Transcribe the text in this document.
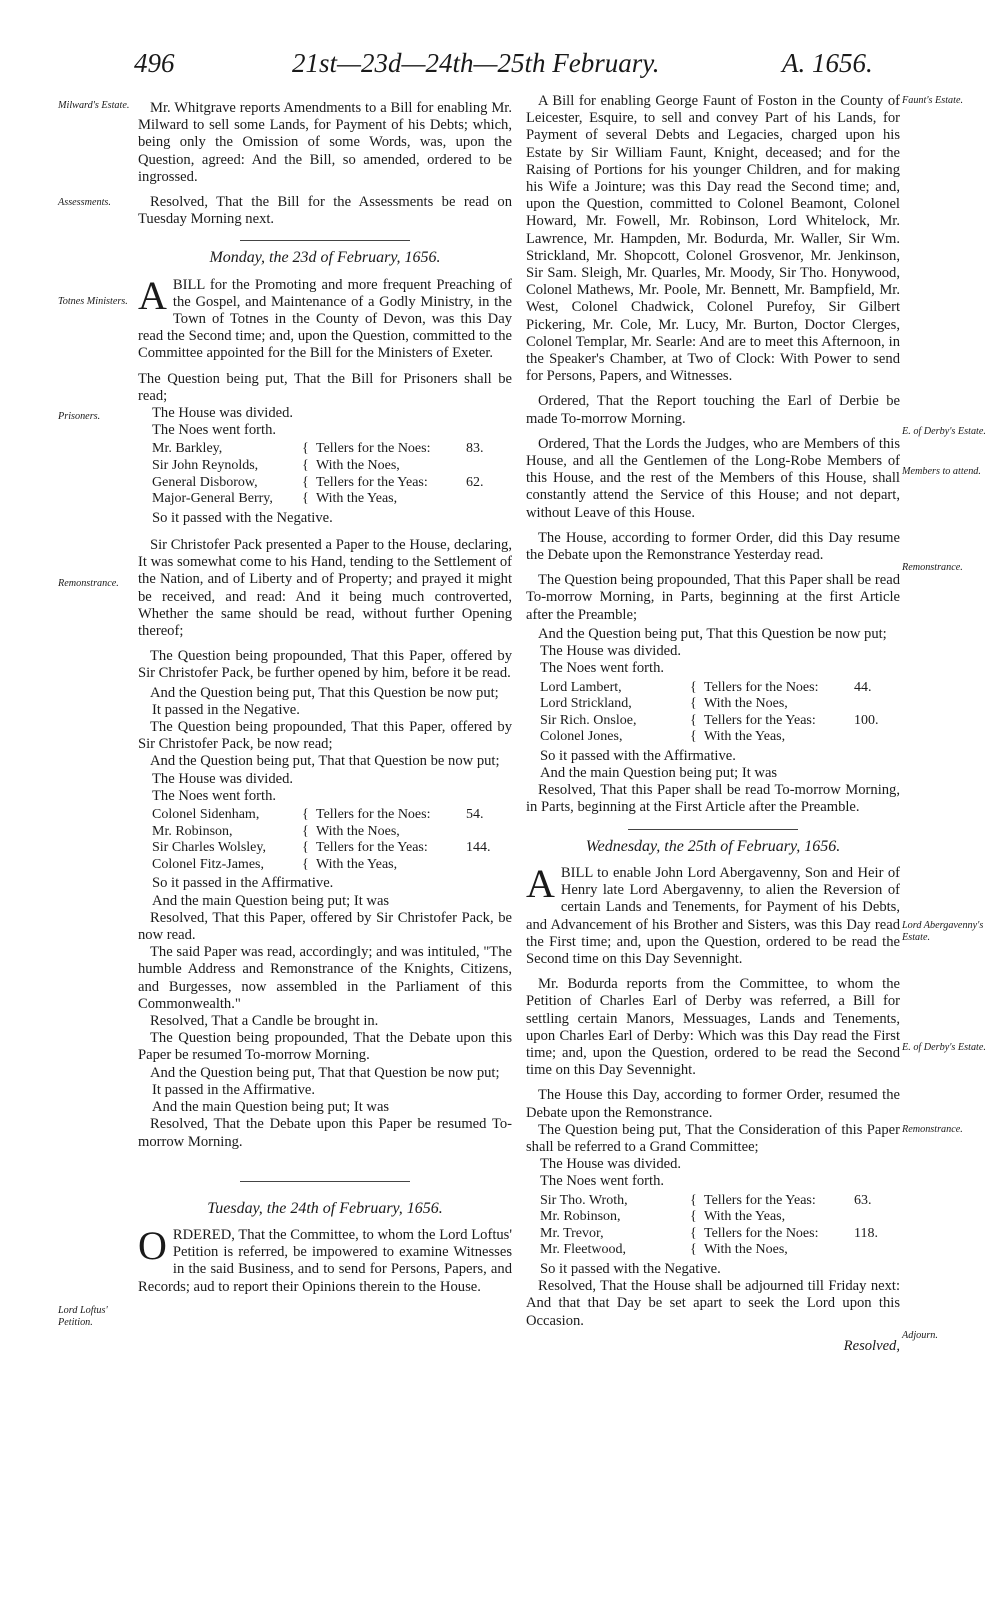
496	21st—23d—24th—25th February.	A. 1656.
Milward's Estate.
Assessments.
Totnes Ministers.
Prisoners.
Remonstrance.
Lord Loftus' Petition.
Faunt's Estate.
E. of Derby's Estate.
Members to attend.
Remonstrance.
Lord Abergavenny's Estate.
E. of Derby's Estate.
Remonstrance.
Adjourn.

Mr. Whitgrave reports Amendments to a Bill for enabling Mr. Milward to sell some Lands, for Payment of his Debts; which, being only the Omission of some Words, was, upon the Question, agreed: And the Bill, so amended, ordered to be ingrossed.

Resolved, That the Bill for the Assessments be read on Tuesday Morning next.

Monday, the 23d of February, 1656.

ABILL for the Promoting and more frequent Preaching of the Gospel, and Maintenance of a Godly Ministry, in the Town of Totnes in the County of Devon, was this Day read the Second time; and, upon the Question, committed to the Committee appointed for the Bill for the Ministers of Exeter.

The Question being put, That the Bill for Prisoners shall be read;

The House was divided.
The Noes went forth.
Mr. Barkley,	{ Tellers for the Noes:	83.
Sir John Reynolds,	{ With the Noes,
General Disborow,	{ Tellers for the Yeas:	62.
Major-General Berry,	{ With the Yeas,
So it passed with the Negative.

Sir Christofer Pack presented a Paper to the House, declaring, It was somewhat come to his Hand, tending to the Settlement of the Nation, and of Liberty and of Property; and prayed it might be received, and read: And it being much controverted, Whether the same should be read, without further Opening thereof;

The Question being propounded, That this Paper, offered by Sir Christofer Pack, be further opened by him, before it be read.

And the Question being put, That this Question be now put;

It passed in the Negative.

The Question being propounded, That this Paper, offered by Sir Christofer Pack, be now read;

And the Question being put, That that Question be now put;

The House was divided.
The Noes went forth.
Colonel Sidenham,	{ Tellers for the Noes:	54.
Mr. Robinson,	{ With the Noes,
Sir Charles Wolsley,	{ Tellers for the Yeas:	144.
Colonel Fitz-James,	{ With the Yeas,
So it passed in the Affirmative.
And the main Question being put; It was

Resolved, That this Paper, offered by Sir Christofer Pack, be now read.

The said Paper was read, accordingly; and was intituled, "The humble Address and Remonstrance of the Knights, Citizens, and Burgesses, now assembled in the Parliament of this Commonwealth."

Resolved, That a Candle be brought in.

The Question being propounded, That the Debate upon this Paper be resumed To-morrow Morning.

And the Question being put, That that Question be now put;

It passed in the Affirmative.
And the main Question being put; It was

Resolved, That the Debate upon this Paper be resumed To-morrow Morning.

Tuesday, the 24th of February, 1656.

ORDERED, That the Committee, to whom the Lord Loftus' Petition is referred, be impowered to examine Witnesses in the said Business, and to send for Persons, Papers, and Records; aud to report their Opinions therein to the House.

A Bill for enabling George Faunt of Foston in the County of Leicester, Esquire, to sell and convey Part of his Lands, for Payment of several Debts and Legacies, charged upon his Estate by Sir William Faunt, Knight, deceased; and for the Raising of Portions for his younger Children, and for making his Wife a Jointure; was this Day read the Second time; and, upon the Question, committed to Colonel Beamont, Colonel Howard, Mr. Fowell, Mr. Robinson, Lord Whitelock, Mr. Lawrence, Mr. Hampden, Mr. Bodurda, Mr. Waller, Sir Wm. Strickland, Mr. Shopcott, Colonel Grosvenor, Mr. Jenkinson, Sir Sam. Sleigh, Mr. Quarles, Mr. Moody, Sir Tho. Honywood, Colonel Mathews, Mr. Poole, Mr. Bennett, Mr. Bampfield, Mr. West, Colonel Chadwick, Colonel Purefoy, Sir Gilbert Pickering, Mr. Cole, Mr. Lucy, Mr. Burton, Doctor Clerges, Colonel Templar, Mr. Searle: And are to meet this Afternoon, in the Speaker's Chamber, at Two of Clock: With Power to send for Persons, Papers, and Witnesses.

Ordered, That the Report touching the Earl of Derbie be made To-morrow Morning.

Ordered, That the Lords the Judges, who are Members of this House, and all the Gentlemen of the Long-Robe Members of this House, and the rest of the Members of this House, shall constantly attend the Service of this House; and not depart, without Leave of this House.

The House, according to former Order, did this Day resume the Debate upon the Remonstrance Yesterday read.

The Question being propounded, That this Paper shall be read To-morrow Morning, in Parts, beginning at the first Article after the Preamble;

And the Question being put, That this Question be now put;

The House was divided.
The Noes went forth.
Lord Lambert,	{ Tellers for the Noes:	44.
Lord Strickland,	{ With the Noes,
Sir Rich. Onsloe,	{ Tellers for the Yeas:	100.
Colonel Jones,	{ With the Yeas,
So it passed with the Affirmative.
And the main Question being put; It was

Resolved, That this Paper shall be read To-morrow Morning, in Parts, beginning at the First Article after the Preamble.

Wednesday, the 25th of February, 1656.

ABILL to enable John Lord Abergavenny, Son and Heir of Henry late Lord Abergavenny, to alien the Reversion of certain Lands and Tenements, for Payment of his Debts, and Advancement of his Brother and Sisters, was this Day read the First time; and, upon the Question, ordered to be read the Second time on this Day Sevennight.

Mr. Bodurda reports from the Committee, to whom the Petition of Charles Earl of Derby was referred, a Bill for settling certain Manors, Messuages, Lands and Tenements, upon Charles Earl of Derby: Which was this Day read the First time; and, upon the Question, ordered to be read the Second time on this Day Sevennight.

The House this Day, according to former Order, resumed the Debate upon the Remonstrance.

The Question being put, That the Consideration of this Paper shall be referred to a Grand Committee;

The House was divided.
The Noes went forth.
Sir Tho. Wroth,	{ Tellers for the Yeas:	63.
Mr. Robinson,	{ With the Yeas,
Mr. Trevor,	{ Tellers for the Noes:	118.
Mr. Fleetwood,	{ With the Noes,
So it passed with the Negative.

Resolved, That the House shall be adjourned till Friday next: And that that Day be set apart to seek the Lord upon this Occasion.

Resolved,
